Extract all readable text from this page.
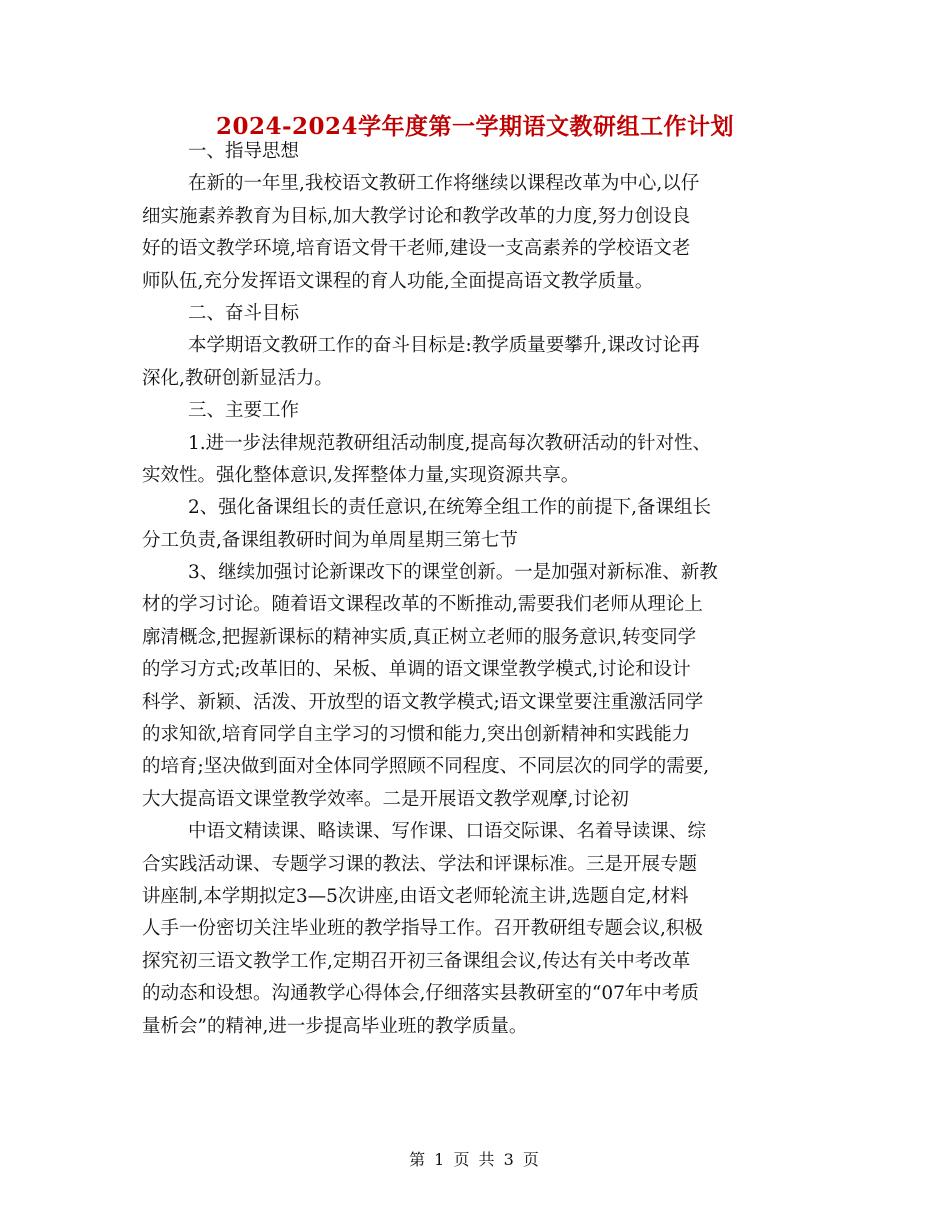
2024-2024学年度第一学期语文教研组工作计划
一、指导思想
在新的一年里,我校语文教研工作将继续以课程改革为中心,以仔
细实施素养教育为目标,加大教学讨论和教学改革的力度,努力创设良
好的语文教学环境,培育语文骨干老师,建设一支高素养的学校语文老
师队伍,充分发挥语文课程的育人功能,全面提高语文教学质量。
二、奋斗目标
本学期语文教研工作的奋斗目标是:教学质量要攀升,课改讨论再
深化,教研创新显活力。
三、主要工作
1.进一步法律规范教研组活动制度,提高每次教研活动的针对性、
实效性。强化整体意识,发挥整体力量,实现资源共享。
2、强化备课组长的责任意识,在统筹全组工作的前提下,备课组长
分工负责,备课组教研时间为单周星期三第七节
3、继续加强讨论新课改下的课堂创新。一是加强对新标准、新教
材的学习讨论。随着语文课程改革的不断推动,需要我们老师从理论上
廓清概念,把握新课标的精神实质,真正树立老师的服务意识,转变同学
的学习方式;改革旧的、呆板、单调的语文课堂教学模式,讨论和设计
科学、新颖、活泼、开放型的语文教学模式;语文课堂要注重激活同学
的求知欲,培育同学自主学习的习惯和能力,突出创新精神和实践能力
的培育;坚决做到面对全体同学照顾不同程度、不同层次的同学的需要,
大大提高语文课堂教学效率。二是开展语文教学观摩,讨论初
中语文精读课、略读课、写作课、口语交际课、名着导读课、综
合实践活动课、专题学习课的教法、学法和评课标准。三是开展专题
讲座制,本学期拟定3—5次讲座,由语文老师轮流主讲,选题自定,材料
人手一份密切关注毕业班的教学指导工作。召开教研组专题会议,积极
探究初三语文教学工作,定期召开初三备课组会议,传达有关中考改革
的动态和设想。沟通教学心得体会,仔细落实县教研室的“07年中考质
量析会”的精神,进一步提高毕业班的教学质量。
第 1 页 共 3 页
